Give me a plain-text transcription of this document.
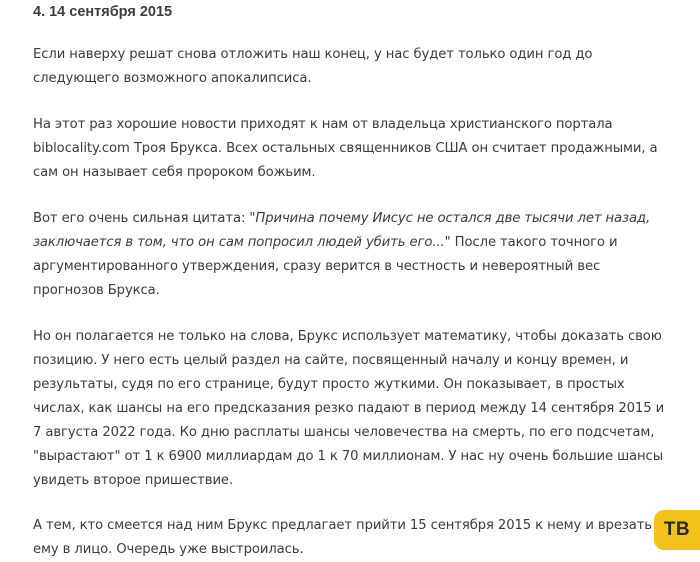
4. 14 сентября 2015

Если наверху решат снова отложить наш конец, у нас будет только один год до следующего возможного апокалипсиса.

На этот раз хорошие новости приходят к нам от владельца христианского портала biblocality.com Троя Брукса. Всех остальных священников США он считает продажными, а сам он называет себя пророком божьим.

Вот его очень сильная цитата: "Причина почему Иисус не остался две тысячи лет назад, заключается в том, что он сам попросил людей убить его..." После такого точного и аргументированного утверждения, сразу верится в честность и невероятный вес прогнозов Брукса.

Но он полагается не только на слова, Брукс использует математику, чтобы доказать свою позицию. У него есть целый раздел на сайте, посвященный началу и концу времен, и результаты, судя по его странице, будут просто жуткими. Он показывает, в простых числах, как шансы на его предсказания резко падают в период между 14 сентября 2015 и 7 августа 2022 года. Ко дню расплаты шансы человечества на смерть, по его подсчетам, "вырастают" от 1 к 6900 миллиардам до 1 к 70 миллионам. У нас ну очень большие шансы увидеть второе пришествие.

А тем, кто смеется над ним Брукс предлагает прийти 15 сентября 2015 к нему и врезать ему в лицо. Очередь уже выстроилась.

ТВ
